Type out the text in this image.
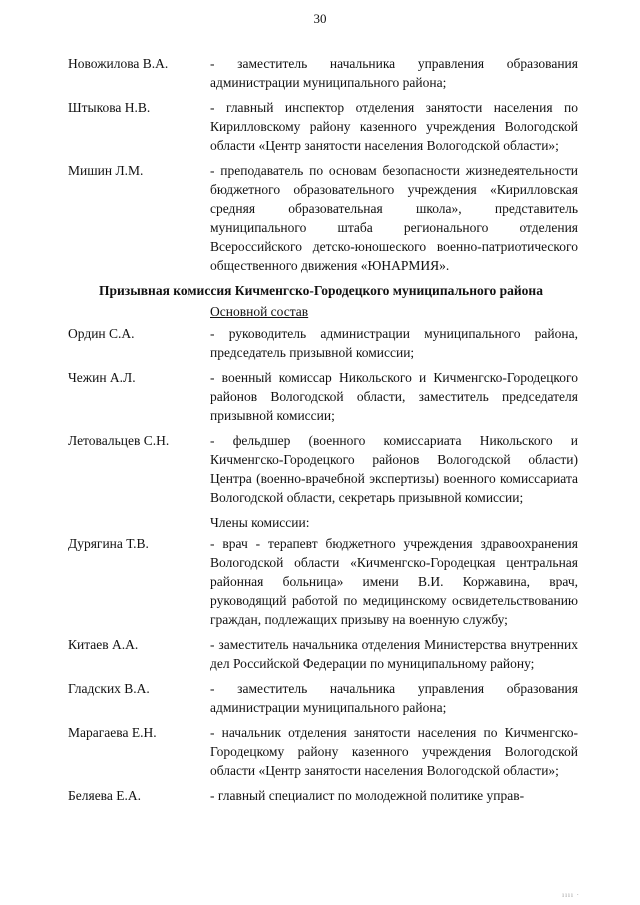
30
Новожилова В.А.	- заместитель начальника управления образования администрации муниципального района;
Штыкова Н.В.	- главный инспектор отделения занятости населения по Кирилловскому району казенного учреждения Вологодской области «Центр занятости населения Вологодской области»;
Мишин Л.М.	- преподаватель по основам безопасности жизнедеятельности бюджетного образовательного учреждения «Кирилловская средняя образовательная школа», представитель муниципального штаба регионального отделения Всероссийского детско-юношеского военно-патриотического общественного движения «ЮНАРМИЯ».
Призывная комиссия Кичменгско-Городецкого муниципального района
Основной состав
Ордин С.А.	- руководитель администрации муниципального района, председатель призывной комиссии;
Чежин А.Л.	- военный комиссар Никольского и Кичменгско-Городецкого районов Вологодской области, заместитель председателя призывной комиссии;
Летовальцев С.Н.	- фельдшер (военного комиссариата Никольского и Кичменгско-Городецкого районов Вологодской области) Центра (военно-врачебной экспертизы) военного комиссариата Вологодской области, секретарь призывной комиссии;
Члены комиссии:
Дурягина Т.В.	- врач - терапевт бюджетного учреждения здравоохранения Вологодской области «Кичменгско-Городецкая центральная районная больница» имени В.И. Коржавина, врач, руководящий работой по медицинскому освидетельствованию граждан, подлежащих призыву на военную службу;
Китаев А.А.	- заместитель начальника отделения Министерства внутренних дел Российской Федерации по муниципальному району;
Гладских В.А.	- заместитель начальника управления образования администрации муниципального района;
Марагаева Е.Н.	- начальник отделения занятости населения по Кичменгско-Городецкому району казенного учреждения Вологодской области «Центр занятости населения Вологодской области»;
Беляева Е.А.	- главный специалист по молодежной политике управ-
ıııı ·
